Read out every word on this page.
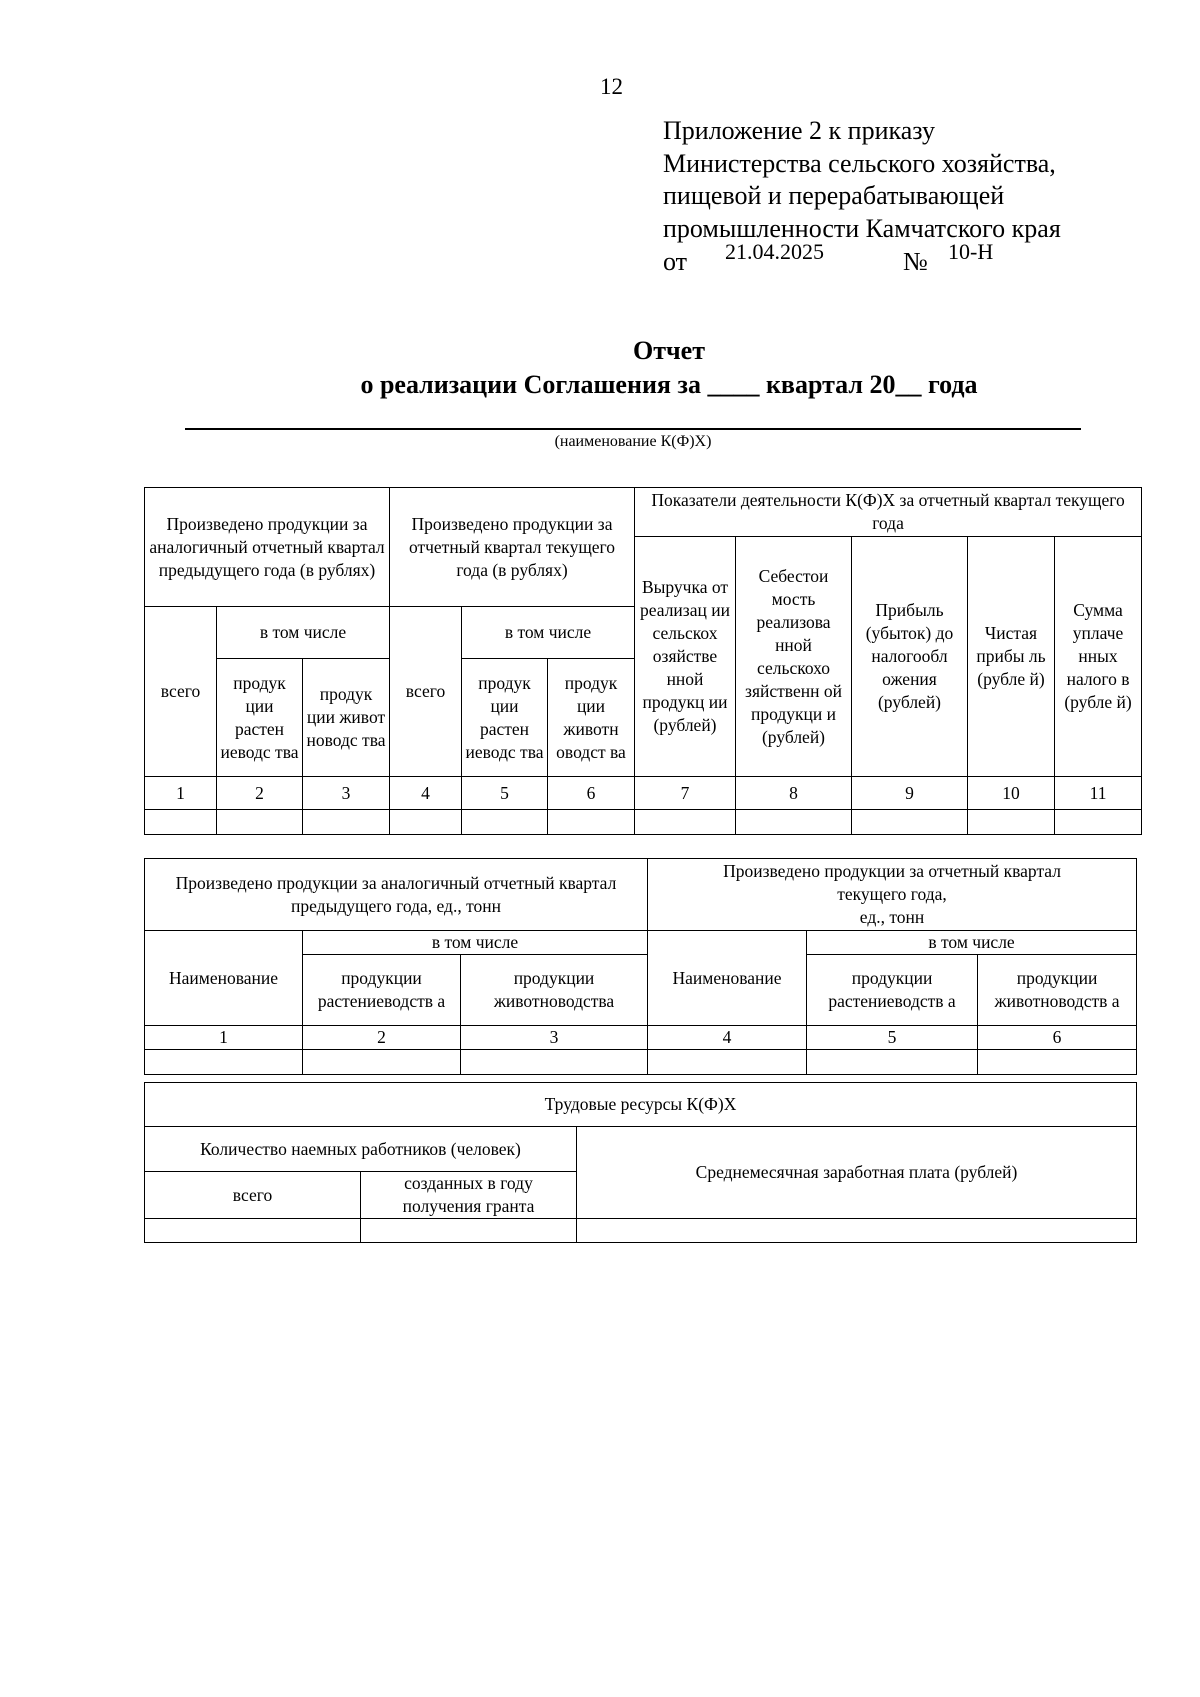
12
Приложение 2 к приказу
Министерства сельского хозяйства,
пищевой и перерабатывающей
промышленности Камчатского края
от 21.04.2025	№ 10-Н
Отчет
о реализации Соглашения за ____ квартал 20__ года
(наименование К(Ф)Х)
Произведено продукции за аналогичный отчетный квартал предыдущего года (в рублях)			Произведено продукции за отчетный квартал текущего года (в рублях)			Показатели деятельности К(Ф)Х за отчетный квартал текущего года				
						Выручка от реализац ии сельскох озяйстве нной продукц ии (рублей)	Себестои мость реализова нной сельскохо зяйственн ой продукци и (рублей)	Прибыль (убыток) до налогообл ожения (рублей)	Чистая прибы ль (рубле й)	Сумма уплаче нных налого в (рубле й)
всего	в том числе		всего	в том числе						
	продук ции растен иеводс тва	продук ции живот новодс тва		продук ции растен иеводс тва	продук ции животн оводст ва					
1	2	3	4	5	6	7	8	9	10	11

Произведено продукции за аналогичный отчетный квартал предыдущего года, ед., тонн			Произведено продукции за отчетный квартал
текущего года,
ед., тонн		

Наименование	в том числе		Наименование	в том числе	
	продукции растениеводств а	продукции животноводства		продукции растениеводств а	продукции животноводств а
1	2	3	4	5	6

Трудовые ресурсы К(Ф)Х		
Количество наемных работников (человек)		Среднемесячная заработная плата (рублей)
всего	созданных в году получения гранта	
